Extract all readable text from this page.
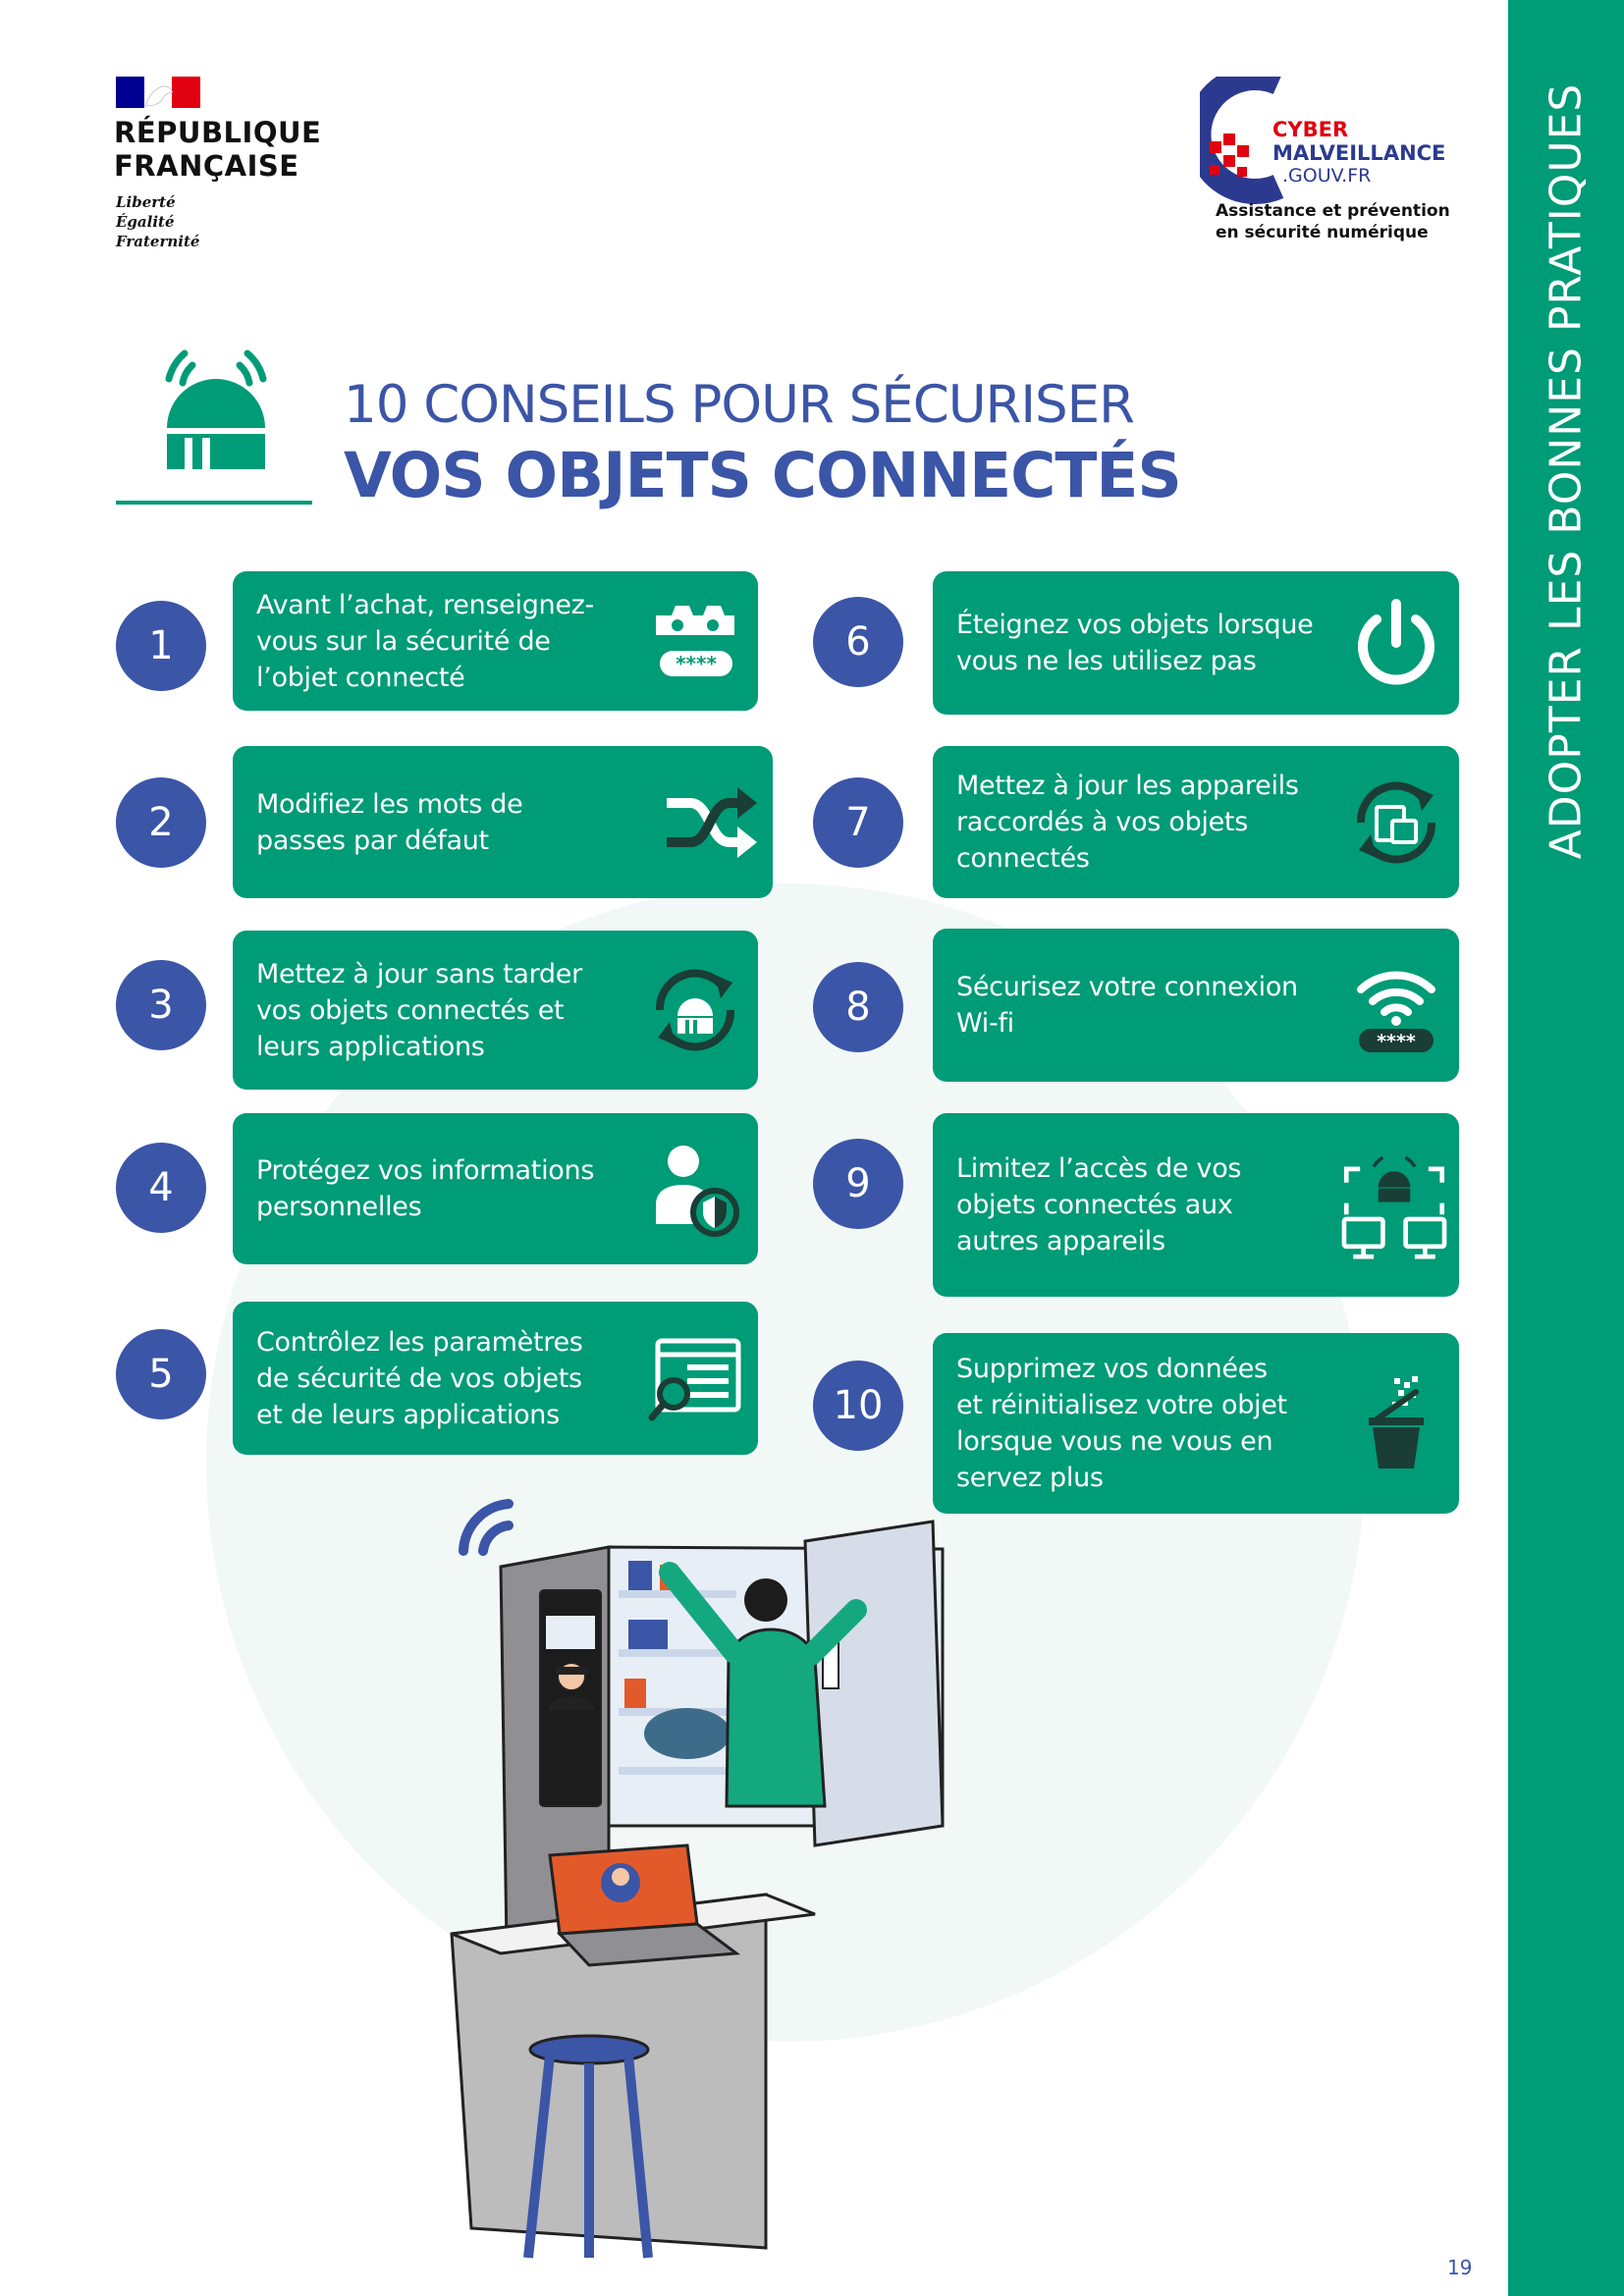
ADOPTER LES BONNES PRATIQUES
RÉPUBLIQUE
FRANÇAISE
Liberté
Égalité
Fraternité
CYBER
MALVEILLANCE
.GOUV.FR
Assistance et prévention
en sécurité numérique
10 CONSEILS POUR SÉCURISER
VOS OBJETS CONNECTÉS
1
Avant l’achat, renseignez-
vous sur la sécurité de
l’objet connecté	****
2	Modifiez les mots de
passes par défaut
3
Mettez à jour sans tarder
vos objets connectés et
leurs applications
4	Protégez vos informations
personnelles
5
Contrôlez les paramètres
de sécurité de vos objets
et de leurs applications
6	Éteignez vos objets lorsque
vous ne les utilisez pas
7
Mettez à jour les appareils
raccordés à vos objets
connectés
8	Sécurisez votre connexion
Wi-fi
****
9	Limitez l’accès de vos
objets connectés aux
autres appareils
10
Supprimez vos données
et réinitialisez votre objet
lorsque vous ne vous en
servez plus
19
